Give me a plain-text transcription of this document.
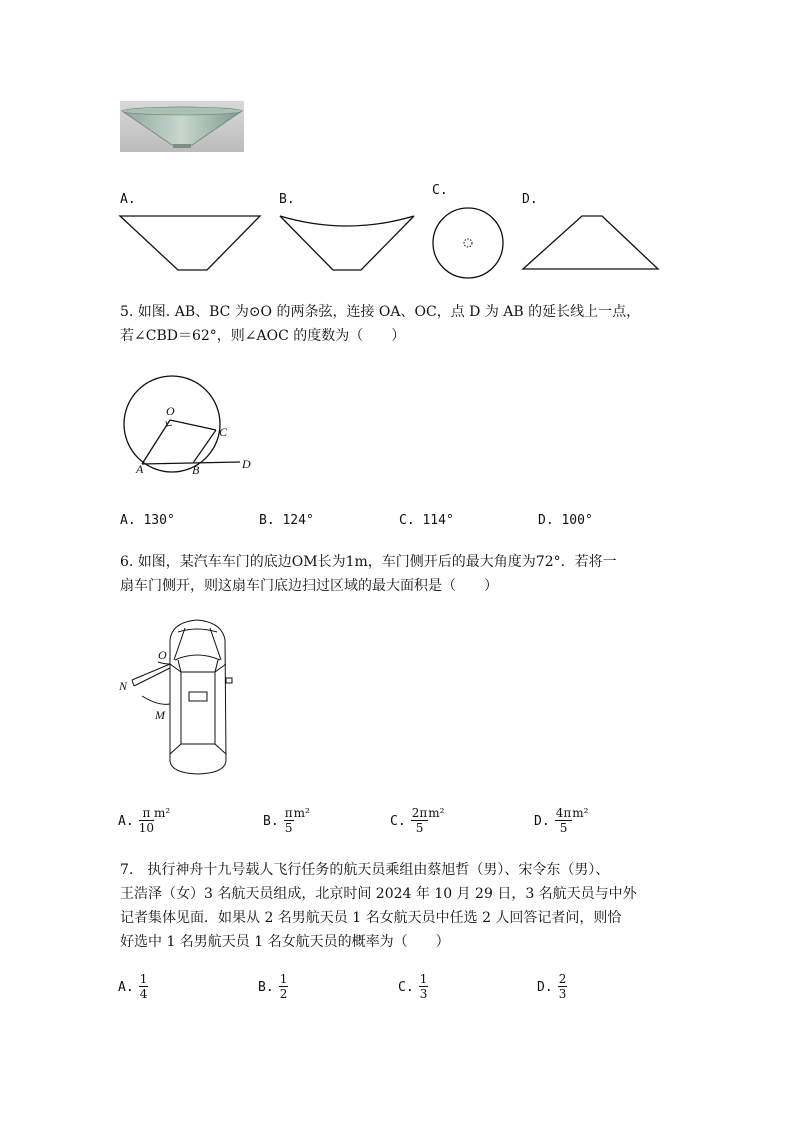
A.	B.
C.
D.
5. 如图. AB、BC 为⊙O 的两条弦，连接 OA、OC，点 D 为 AB 的延长线上一点，
若∠CBD＝62°，则∠AOC 的度数为（　　）
O
C
A	B	D
A. 130°	B. 124°	C. 114°	D. 100°
6. 如图，某汽车车门的底边OM长为1m，车门侧开后的最大角度为72°．若将一
扇车门侧开，则这扇车门底边扫过区域的最大面积是（　　）
O
N
M
A. $\frac{\pi}{10} ^{m^2}$
B. $\frac{\pi}{5} ^{m^2}$
C. $\frac{2\pi}{5} ^{m^2}$
D. $\frac{4\pi}{5} ^{m^2}$
7.　执行神舟十九号载人飞行任务的航天员乘组由蔡旭哲（男）、宋令东（男）、
王浩泽（女）3 名航天员组成，北京时间 2024 年 10 月 29 日，3 名航天员与中外
记者集体见面．如果从 2 名男航天员 1 名女航天员中任选 2 人回答记者问，则恰
好选中 1 名男航天员 1 名女航天员的概率为（　　）
A. $\frac{1}{4}$	B. $\frac{1}{2}$	C. $\frac{1}{3}$	D. $\frac{2}{3}$
